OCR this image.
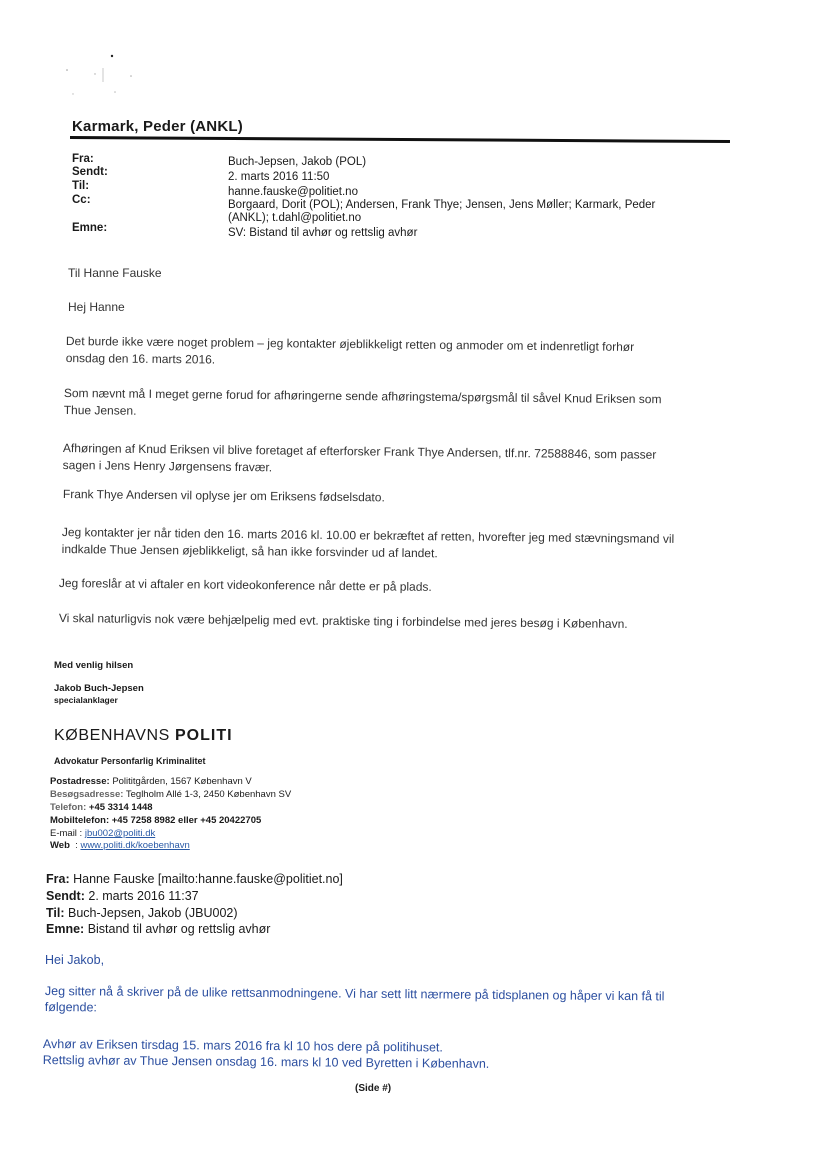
Karmark, Peder (ANKL)
Fra:	Buch-Jepsen, Jakob (POL)
Sendt:	2. marts 2016 11:50
Til:	hanne.fauske@politiet.no
Cc:	Borgaard, Dorit (POL); Andersen, Frank Thye; Jensen, Jens Møller; Karmark, Peder
(ANKL); t.dahl@politiet.no
Emne:	SV: Bistand til avhør og rettslig avhør
Til Hanne Fauske
Hej Hanne
Det burde ikke være noget problem – jeg kontakter øjeblikkeligt retten og anmoder om et indenretligt forhør
onsdag den 16. marts 2016.
Som nævnt må I meget gerne forud for afhøringerne sende afhøringstema/spørgsmål til såvel Knud Eriksen som
Thue Jensen.
Afhøringen af Knud Eriksen vil blive foretaget af efterforsker Frank Thye Andersen, tlf.nr. 72588846, som passer
sagen i Jens Henry Jørgensens fravær.
Frank Thye Andersen vil oplyse jer om Eriksens fødselsdato.
Jeg kontakter jer når tiden den 16. marts 2016 kl. 10.00 er bekræftet af retten, hvorefter jeg med stævningsmand vil
indkalde Thue Jensen øjeblikkeligt, så han ikke forsvinder ud af landet.
Jeg foreslår at vi aftaler en kort videokonference når dette er på plads.
Vi skal naturligvis nok være behjælpelig med evt. praktiske ting i forbindelse med jeres besøg i København.
Med venlig hilsen
Jakob Buch-Jepsen
specialanklager
KØBENHAVNS POLITI
Advokatur Personfarlig Kriminalitet
Postadresse: Polititgården, 1567 København V
Besøgsadresse: Teglholm Allé 1-3, 2450 København SV
Telefon: +45 3314 1448
Mobiltelefon: +45 7258 8982 eller +45 20422705
E-mail : jbu002@politi.dk
Web  : www.politi.dk/koebenhavn
Fra: Hanne Fauske [mailto:hanne.fauske@politiet.no]
Sendt: 2. marts 2016 11:37
Til: Buch-Jepsen, Jakob (JBU002)
Emne: Bistand til avhør og rettslig avhør
Hei Jakob,
Jeg sitter nå å skriver på de ulike rettsanmodningene. Vi har sett litt nærmere på tidsplanen og håper vi kan få til
følgende:
Avhør av Eriksen tirsdag 15. mars 2016 fra kl 10 hos dere på politihuset.
Rettslig avhør av Thue Jensen onsdag 16. mars kl 10 ved Byretten i København.
(Side #)
